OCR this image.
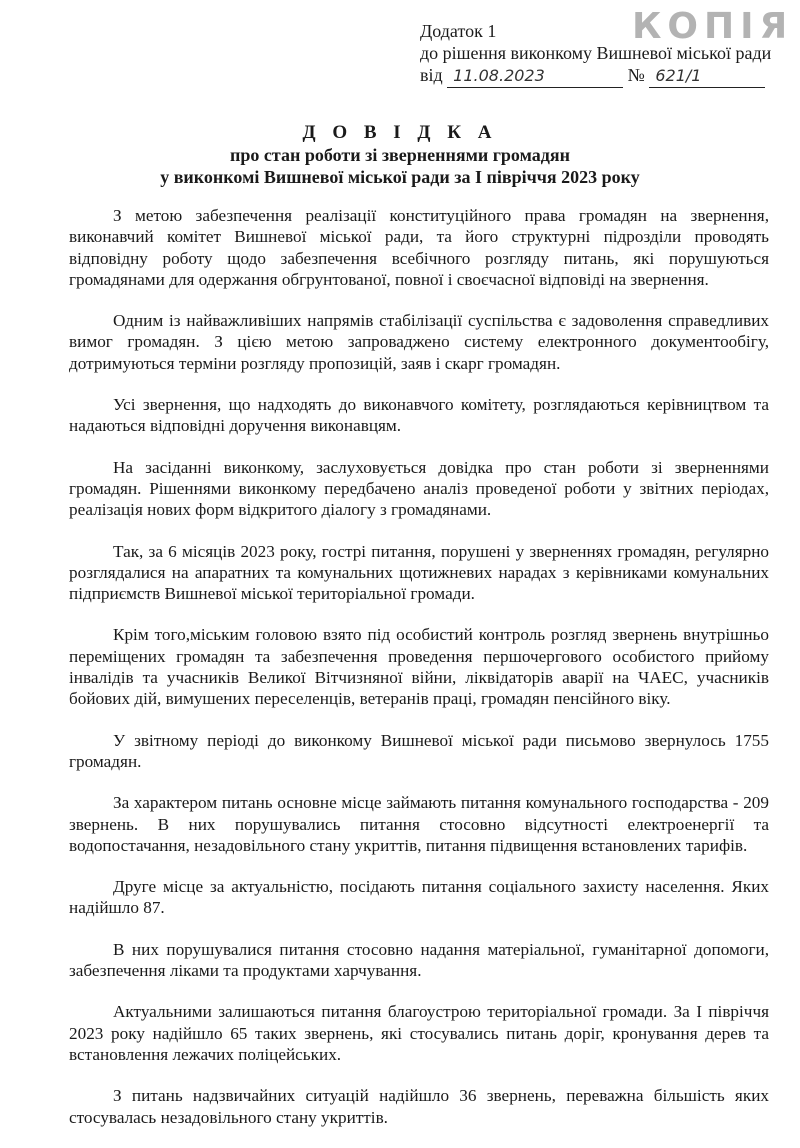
КОПІЯ
Додаток 1
до рішення виконкому Вишневої міської ради
від 11.08.2023	№ 621/1
Д О В І Д К А
про стан роботи зі зверненнями громадян
у виконкомі Вишневої міської ради за І півріччя 2023 року

З метою забезпечення реалізації конституційного права громадян на звернення, виконавчий комітет Вишневої міської ради, та його структурні підрозділи проводять відповідну роботу щодо забезпечення всебічного розгляду питань, які порушуються громадянами для одержання обгрунтованої, повної і своєчасної відповіді на звернення.

Одним із найважливіших напрямів стабілізації суспільства є задоволення справедливих вимог громадян. З цією метою запроваджено систему електронного документообігу, дотримуються терміни розгляду пропозицій, заяв і скарг громадян.

Усі звернення, що надходять до виконавчого комітету, розглядаються керівництвом та надаються відповідні доручення виконавцям.

На засіданні виконкому, заслуховується довідка про стан роботи зі зверненнями громадян. Рішеннями виконкому передбачено аналіз проведеної роботи у звітних періодах, реалізація нових форм відкритого діалогу з громадянами.

Так, за 6 місяців 2023 року, гострі питання, порушені у зверненнях громадян, регулярно розглядалися на апаратних та комунальних щотижневих нарадах з керівниками комунальних підприємств Вишневої міської територіальної громади.

Крім того,міським головою взято під особистий контроль розгляд звернень внутрішньо переміщених громадян та забезпечення проведення першочергового особистого прийому інвалідів та учасників Великої Вітчизняної війни, ліквідаторів аварії на ЧАЕС, учасників бойових дій, вимушених переселенців, ветеранів праці, громадян пенсійного віку.

У звітному періоді до виконкому Вишневої міської ради письмово звернулось 1755 громадян.

За характером питань основне місце займають питання комунального господарства - 209 звернень. В них порушувались питання стосовно відсутності електроенергії та водопостачання, незадовільного стану укриттів, питання підвищення встановлених тарифів.

Друге місце за актуальністю, посідають питання соціального захисту населення. Яких надійшло 87.

В них порушувалися питання стосовно надання матеріальної, гуманітарної допомоги, забезпечення ліками та продуктами харчування.

Актуальними залишаються питання благоустрою територіальної громади. За І півріччя 2023 року надійшло 65 таких звернень, які стосувались питань доріг, кронування дерев та встановлення лежачих поліцейських.

З питань надзвичайних ситуацій надійшло 36 звернень, переважна більшість яких стосувалась незадовільного стану укриттів.
